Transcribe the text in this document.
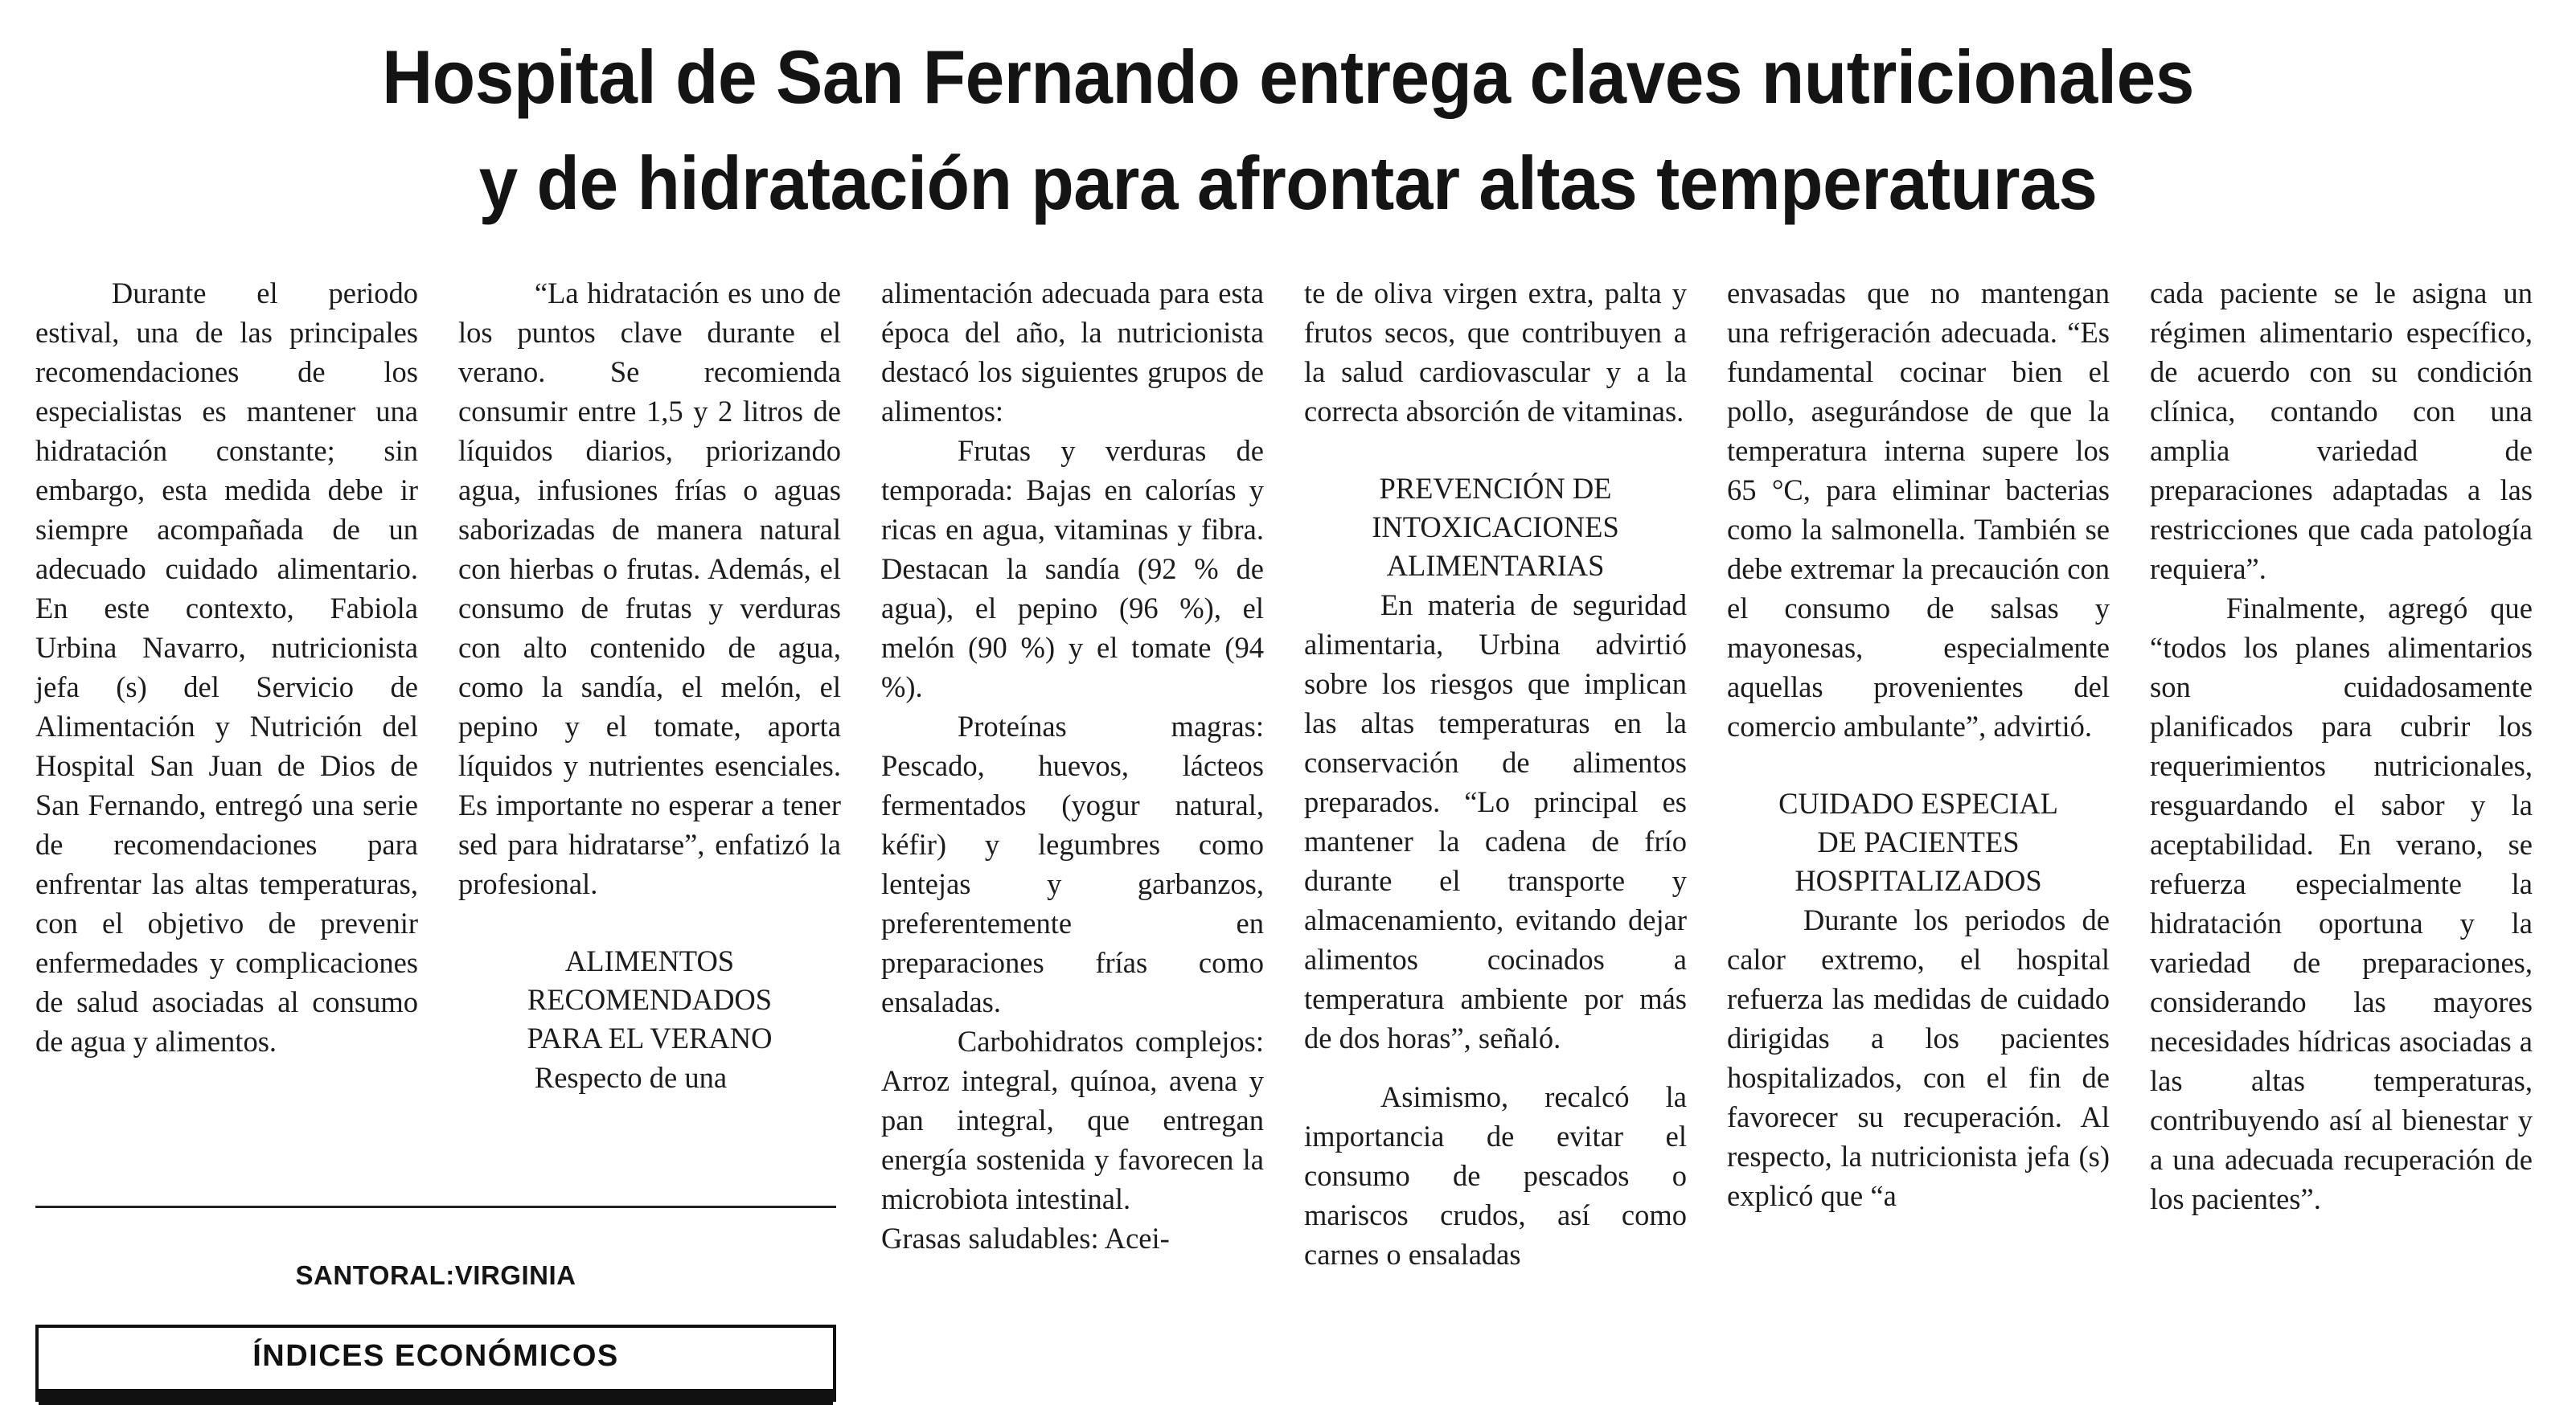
Hospital de San Fernando entrega claves nutricionales
y de hidratación para afrontar altas temperaturas

Durante el periodo estival, una de las principales recomendaciones de los especialistas es mantener una hidratación constante; sin embargo, esta medida debe ir siempre acompañada de un adecuado cuidado alimentario. En este contexto, Fabiola Urbina Navarro, nutricionista jefa (s) del Servicio de Alimentación y Nutrición del Hospital San Juan de Dios de San Fernando, entregó una serie de recomendaciones para enfrentar las altas temperaturas, con el objetivo de prevenir enfermedades y complicaciones de salud asociadas al consumo de agua y alimentos.

“La hidratación es uno de los puntos clave durante el verano. Se recomienda consumir entre 1,5 y 2 litros de líquidos diarios, priorizando agua, infusiones frías o aguas saborizadas de manera natural con hierbas o frutas. Además, el consumo de frutas y verduras con alto contenido de agua, como la sandía, el melón, el pepino y el tomate, aporta líquidos y nutrientes esenciales. Es importante no esperar a tener sed para hidratarse”, enfatizó la profesional.

ALIMENTOS
RECOMENDADOS
PARA EL VERANO

Respecto de una

alimentación adecuada para esta época del año, la nutricionista destacó los siguientes grupos de alimentos:

Frutas y verduras de temporada: Bajas en calorías y ricas en agua, vitaminas y fibra. Destacan la sandía (92 % de agua), el pepino (96 %), el melón (90 %) y el tomate (94 %).

Proteínas magras: Pescado, huevos, lácteos fermentados (yogur natural, kéfir) y legumbres como lentejas y garbanzos, preferentemente en preparaciones frías como ensaladas.

Carbohidratos complejos: Arroz integral, quínoa, avena y pan integral, que entregan energía sostenida y favorecen la microbiota intestinal.

Grasas saludables: Acei-

te de oliva virgen extra, palta y frutos secos, que contribuyen a la salud cardiovascular y a la correcta absorción de vitaminas.

PREVENCIÓN DE
INTOXICACIONES
ALIMENTARIAS

En materia de seguridad alimentaria, Urbina advirtió sobre los riesgos que implican las altas temperaturas en la conservación de alimentos preparados. “Lo principal es mantener la cadena de frío durante el transporte y almacenamiento, evitando dejar alimentos cocinados a temperatura ambiente por más de dos horas”, señaló.

Asimismo, recalcó la importancia de evitar el consumo de pescados o mariscos crudos, así como carnes o ensaladas

envasadas que no mantengan una refrigeración adecuada. “Es fundamental cocinar bien el pollo, asegurándose de que la temperatura interna supere los 65 °C, para eliminar bacterias como la salmonella. También se debe extremar la precaución con el consumo de salsas y mayonesas, especialmente aquellas provenientes del comercio ambulante”, advirtió.

CUIDADO ESPECIAL
DE PACIENTES
HOSPITALIZADOS

Durante los periodos de calor extremo, el hospital refuerza las medidas de cuidado dirigidas a los pacientes hospitalizados, con el fin de favorecer su recuperación. Al respecto, la nutricionista jefa (s) explicó que “a

cada paciente se le asigna un régimen alimentario específico, de acuerdo con su condición clínica, contando con una amplia variedad de preparaciones adaptadas a las restricciones que cada patología requiera”.

Finalmente, agregó que “todos los planes alimentarios son cuidadosamente planificados para cubrir los requerimientos nutricionales, resguardando el sabor y la aceptabilidad. En verano, se refuerza especialmente la hidratación oportuna y la variedad de preparaciones, considerando las mayores necesidades hídricas asociadas a las altas temperaturas, contribuyendo así al bienestar y a una adecuada recuperación de los pacientes”.

SANTORAL:VIRGINIA
ÍNDICES ECONÓMICOS
